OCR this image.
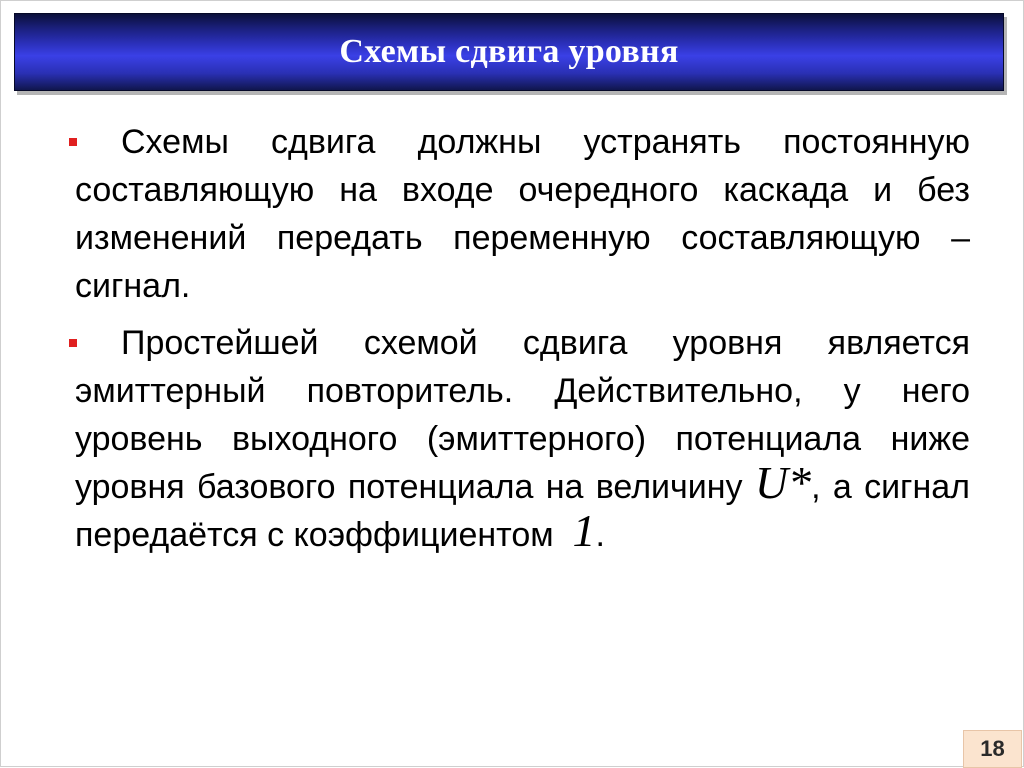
Схемы сдвига уровня

Схемы сдвига должны устранять постоянную составляющую на входе очередного каскада и без изменений передать переменную составляющую – сигнал.

Простейшей схемой сдвига уровня является эмиттерный повторитель. Действительно, у него уровень выходного (эмиттерного) потенциала ниже уровня базового потенциала на величину U*, а сигнал передаётся с коэффициентом  1.

18
